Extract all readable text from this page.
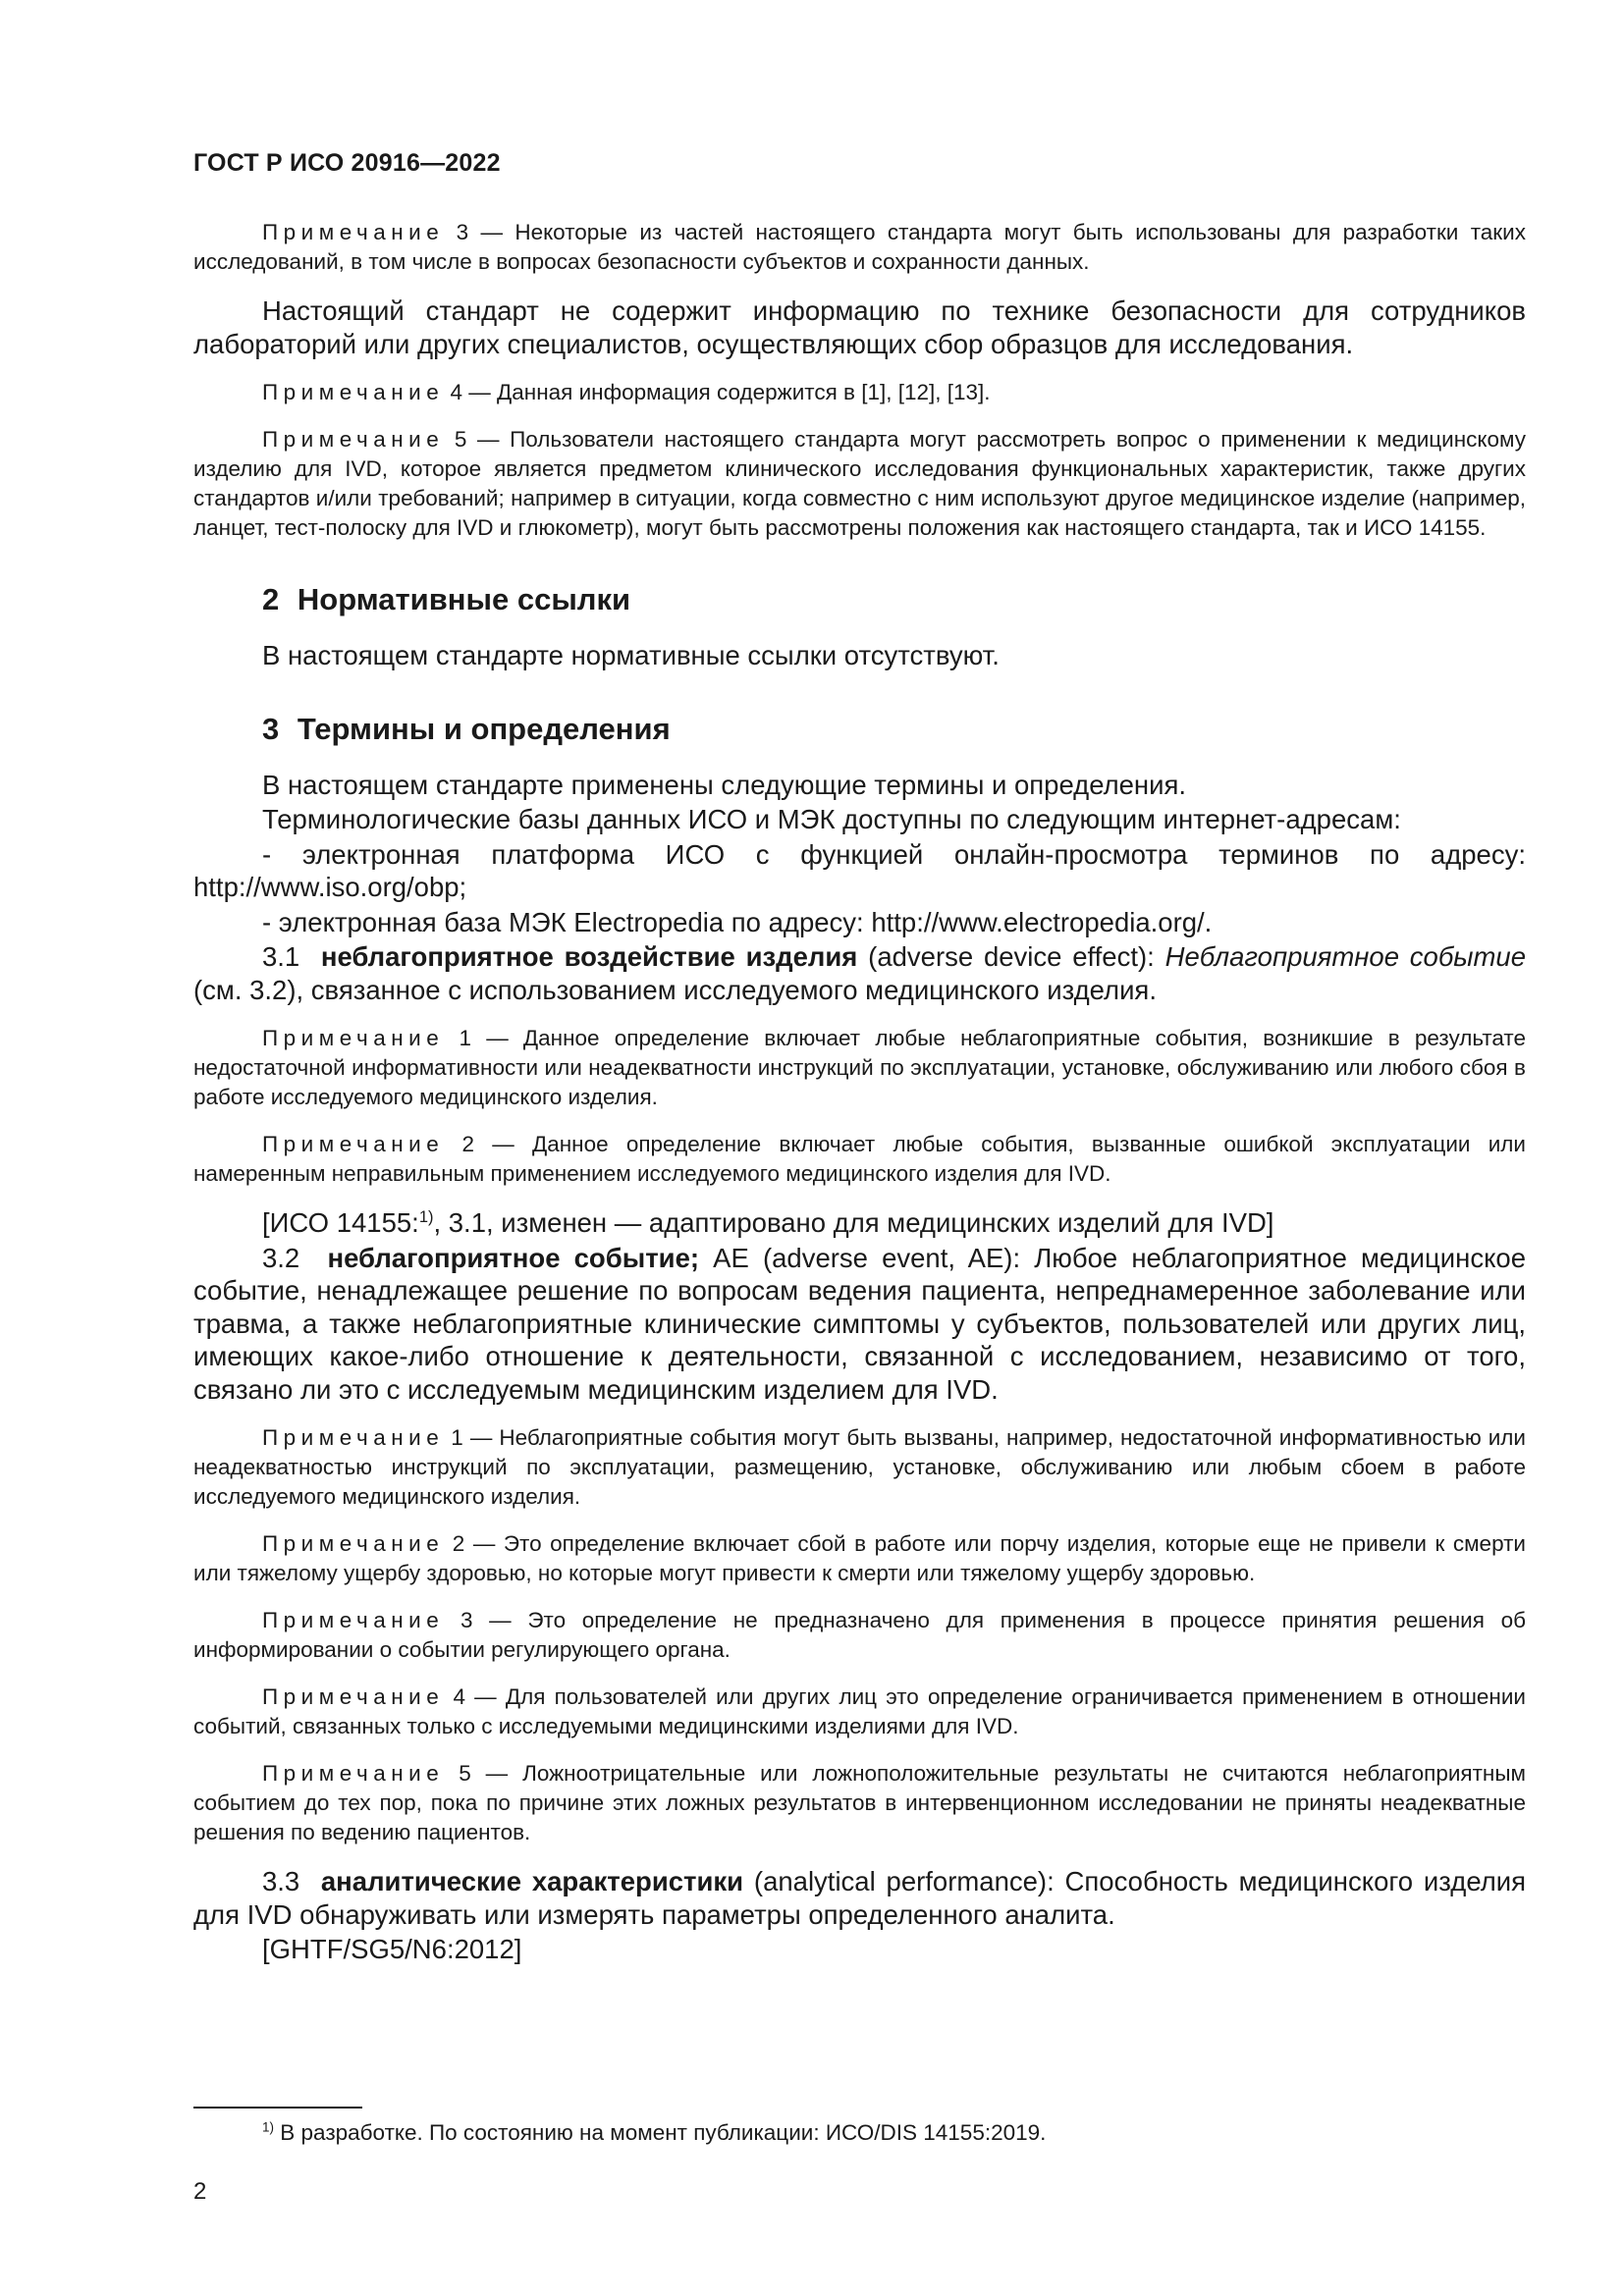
ГОСТ Р ИСО 20916—2022

Примечание 3 — Некоторые из частей настоящего стандарта могут быть использованы для разработки таких исследований, в том числе в вопросах безопасности субъектов и сохранности данных.

Настоящий стандарт не содержит информацию по технике безопасности для сотрудников лабораторий или других специалистов, осуществляющих сбор образцов для исследования.

Примечание 4 — Данная информация содержится в [1], [12], [13].

Примечание 5 — Пользователи настоящего стандарта могут рассмотреть вопрос о применении к медицинскому изделию для IVD, которое является предметом клинического исследования функциональных характеристик, также других стандартов и/или требований; например в ситуации, когда совместно с ним используют другое медицинское изделие (например, ланцет, тест-полоску для IVD и глюкометр), могут быть рассмотрены положения как настоящего стандарта, так и ИСО 14155.

2 Нормативные ссылки

В настоящем стандарте нормативные ссылки отсутствуют.

3 Термины и определения

В настоящем стандарте применены следующие термины и определения.

Терминологические базы данных ИСО и МЭК доступны по следующим интернет-адресам:

- электронная платформа ИСО с функцией онлайн-просмотра терминов по адресу: http://www.iso.org/obp;

- электронная база МЭК Electropedia по адресу: http://www.electropedia.org/.

3.1 неблагоприятное воздействие изделия (adverse device effect): Неблагоприятное событие (см. 3.2), связанное с использованием исследуемого медицинского изделия.

Примечание 1 — Данное определение включает любые неблагоприятные события, возникшие в результате недостаточной информативности или неадекватности инструкций по эксплуатации, установке, обслуживанию или любого сбоя в работе исследуемого медицинского изделия.

Примечание 2 — Данное определение включает любые события, вызванные ошибкой эксплуатации или намеренным неправильным применением исследуемого медицинского изделия для IVD.

[ИСО 14155:$^{1)}$, 3.1, изменен — адаптировано для медицинских изделий для IVD]

3.2 неблагоприятное событие; AE (adverse event, AE): Любое неблагоприятное медицинское событие, ненадлежащее решение по вопросам ведения пациента, непреднамеренное заболевание или травма, а также неблагоприятные клинические симптомы у субъектов, пользователей или других лиц, имеющих какое-либо отношение к деятельности, связанной с исследованием, независимо от того, связано ли это с исследуемым медицинским изделием для IVD.

Примечание 1 — Неблагоприятные события могут быть вызваны, например, недостаточной информативностью или неадекватностью инструкций по эксплуатации, размещению, установке, обслуживанию или любым сбоем в работе исследуемого медицинского изделия.

Примечание 2 — Это определение включает сбой в работе или порчу изделия, которые еще не привели к смерти или тяжелому ущербу здоровью, но которые могут привести к смерти или тяжелому ущербу здоровью.

Примечание 3 — Это определение не предназначено для применения в процессе принятия решения об информировании о событии регулирующего органа.

Примечание 4 — Для пользователей или других лиц это определение ограничивается применением в отношении событий, связанных только с исследуемыми медицинскими изделиями для IVD.

Примечание 5 — Ложноотрицательные или ложноположительные результаты не считаются неблагоприятным событием до тех пор, пока по причине этих ложных результатов в интервенционном исследовании не приняты неадекватные решения по ведению пациентов.

3.3 аналитические характеристики (analytical performance): Способность медицинского изделия для IVD обнаруживать или измерять параметры определенного аналита.

[GHTF/SG5/N6:2012]

$^{1)}$ В разработке. По состоянию на момент публикации: ИСО/DIS 14155:2019.
2
